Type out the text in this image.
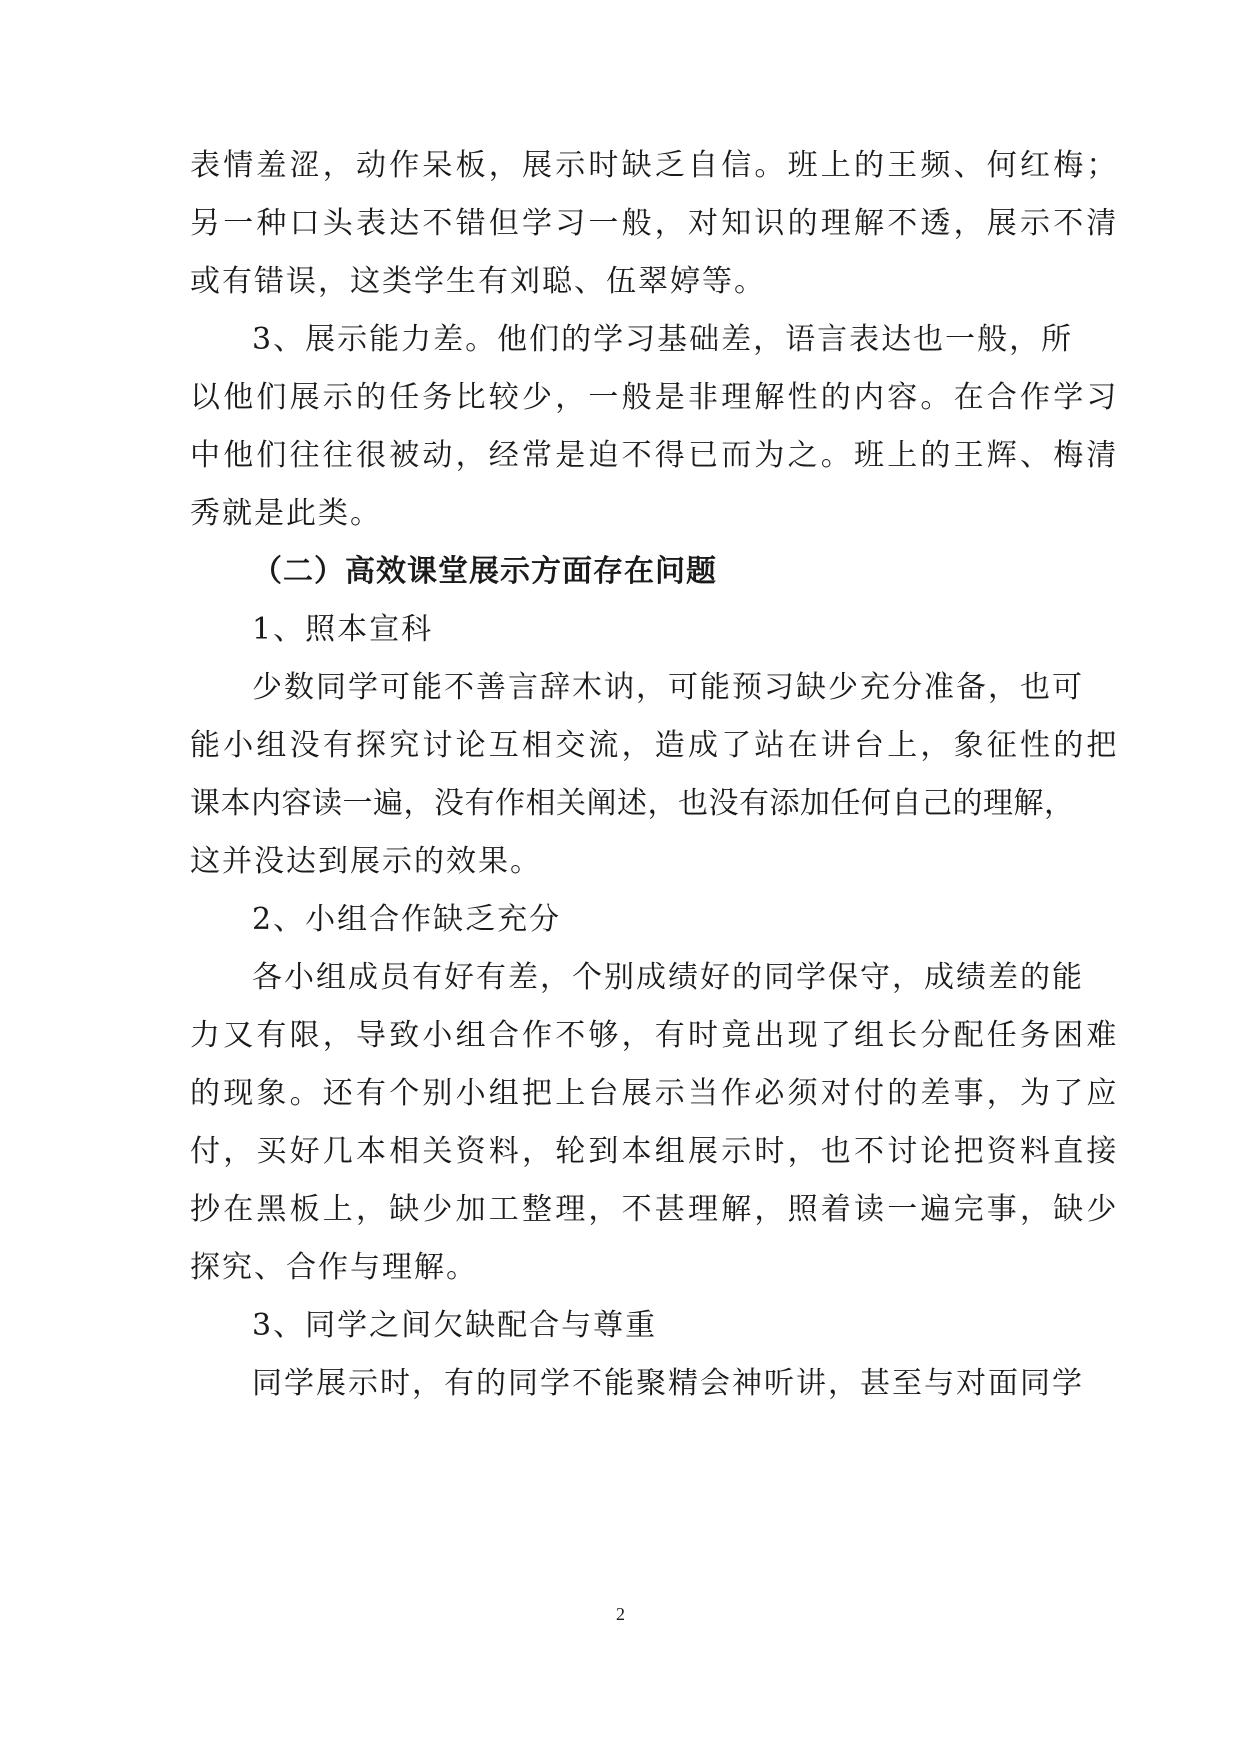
表情羞涩，动作呆板，展示时缺乏自信。班上的王频、何红梅；
另一种口头表达不错但学习一般，对知识的理解不透，展示不清
或有错误，这类学生有刘聪、伍翠婷等。
3、展示能力差。他们的学习基础差，语言表达也一般，所
以他们展示的任务比较少，一般是非理解性的内容。在合作学习
中他们往往很被动，经常是迫不得已而为之。班上的王辉、梅清
秀就是此类。
（二）高效课堂展示方面存在问题
1、照本宣科
少数同学可能不善言辞木讷，可能预习缺少充分准备，也可
能小组没有探究讨论互相交流，造成了站在讲台上，象征性的把
课本内容读一遍，没有作相关阐述，也没有添加任何自己的理解，
这并没达到展示的效果。
2、小组合作缺乏充分
各小组成员有好有差，个别成绩好的同学保守，成绩差的能
力又有限，导致小组合作不够，有时竟出现了组长分配任务困难
的现象。还有个别小组把上台展示当作必须对付的差事，为了应
付，买好几本相关资料，轮到本组展示时，也不讨论把资料直接
抄在黑板上，缺少加工整理，不甚理解，照着读一遍完事，缺少
探究、合作与理解。
3、同学之间欠缺配合与尊重
同学展示时，有的同学不能聚精会神听讲，甚至与对面同学
2
